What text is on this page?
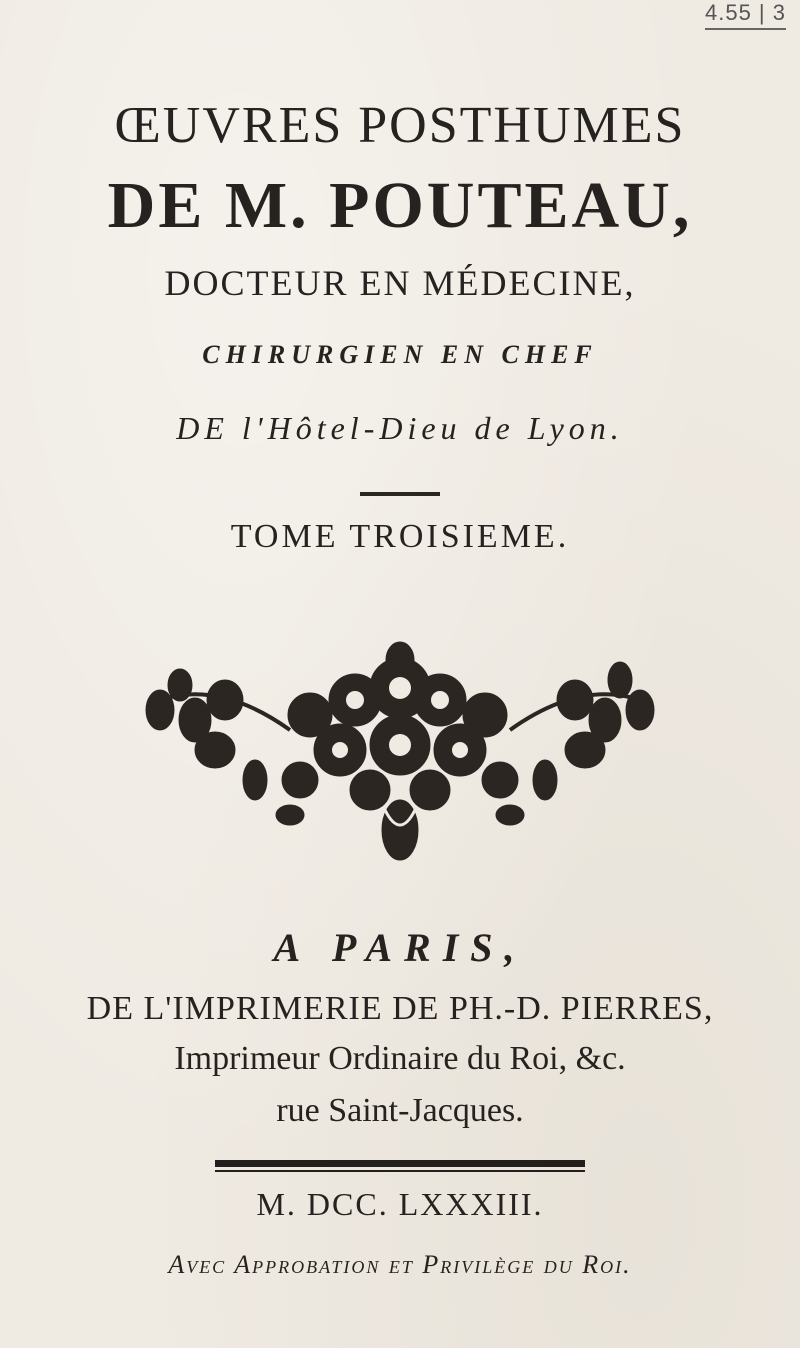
4.55 | 3
ŒUVRES POSTHUMES
DE M. POUTEAU,
DOCTEUR EN MÉDECINE,
CHIRURGIEN EN CHEF
DE l'Hôtel-Dieu de Lyon.
TOME TROISIEME.
A PARIS,
DE L'IMPRIMERIE DE PH.-D. PIERRES,
Imprimeur Ordinaire du Roi, &c.
rue Saint-Jacques.
M. DCC. LXXXIII.
Avec Approbation et Privilège du Roi.
